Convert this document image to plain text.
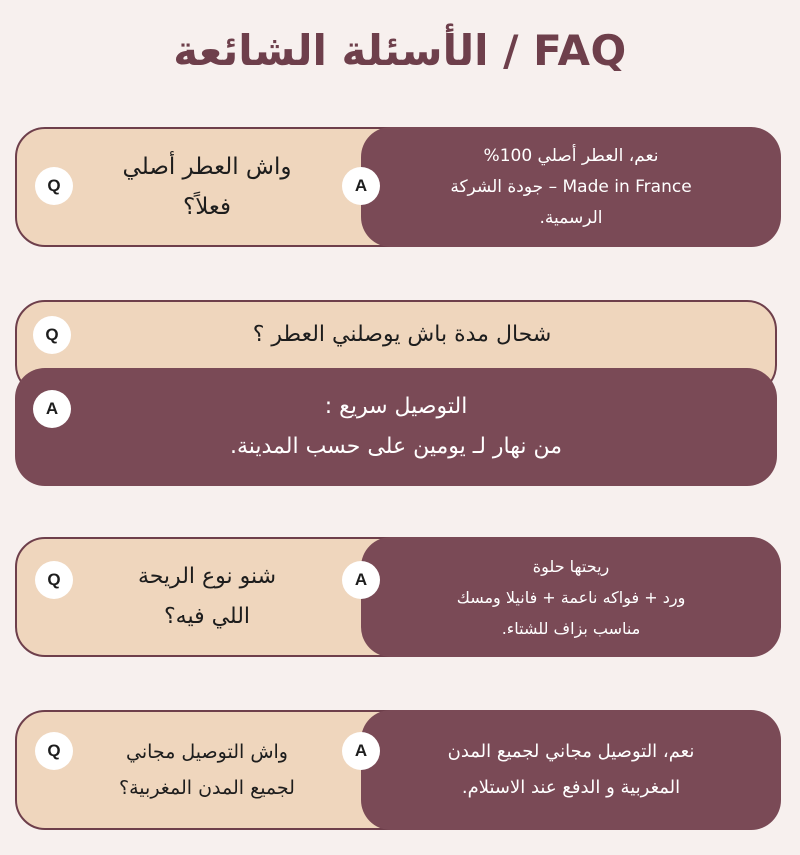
الأسئلة الشائعة / FAQ
نعم، العطر أصلي 100%
Made in France – جودة الشركة
الرسمية.
A
واش العطر أصلي
فعلاً؟
Q
شحال مدة باش يوصلني العطر ؟
Q
التوصيل سريع :
من نهار لـ يومين على حسب المدينة.
A
ريحتها حلوة
ورد + فواكه ناعمة + فانيلا ومسك
مناسب بزاف للشتاء.
A
شنو نوع الريحة
اللي فيه؟
Q
نعم، التوصيل مجاني لجميع المدن
المغربية و الدفع عند الاستلام.
A
واش التوصيل مجاني
لجميع المدن المغربية؟
Q
